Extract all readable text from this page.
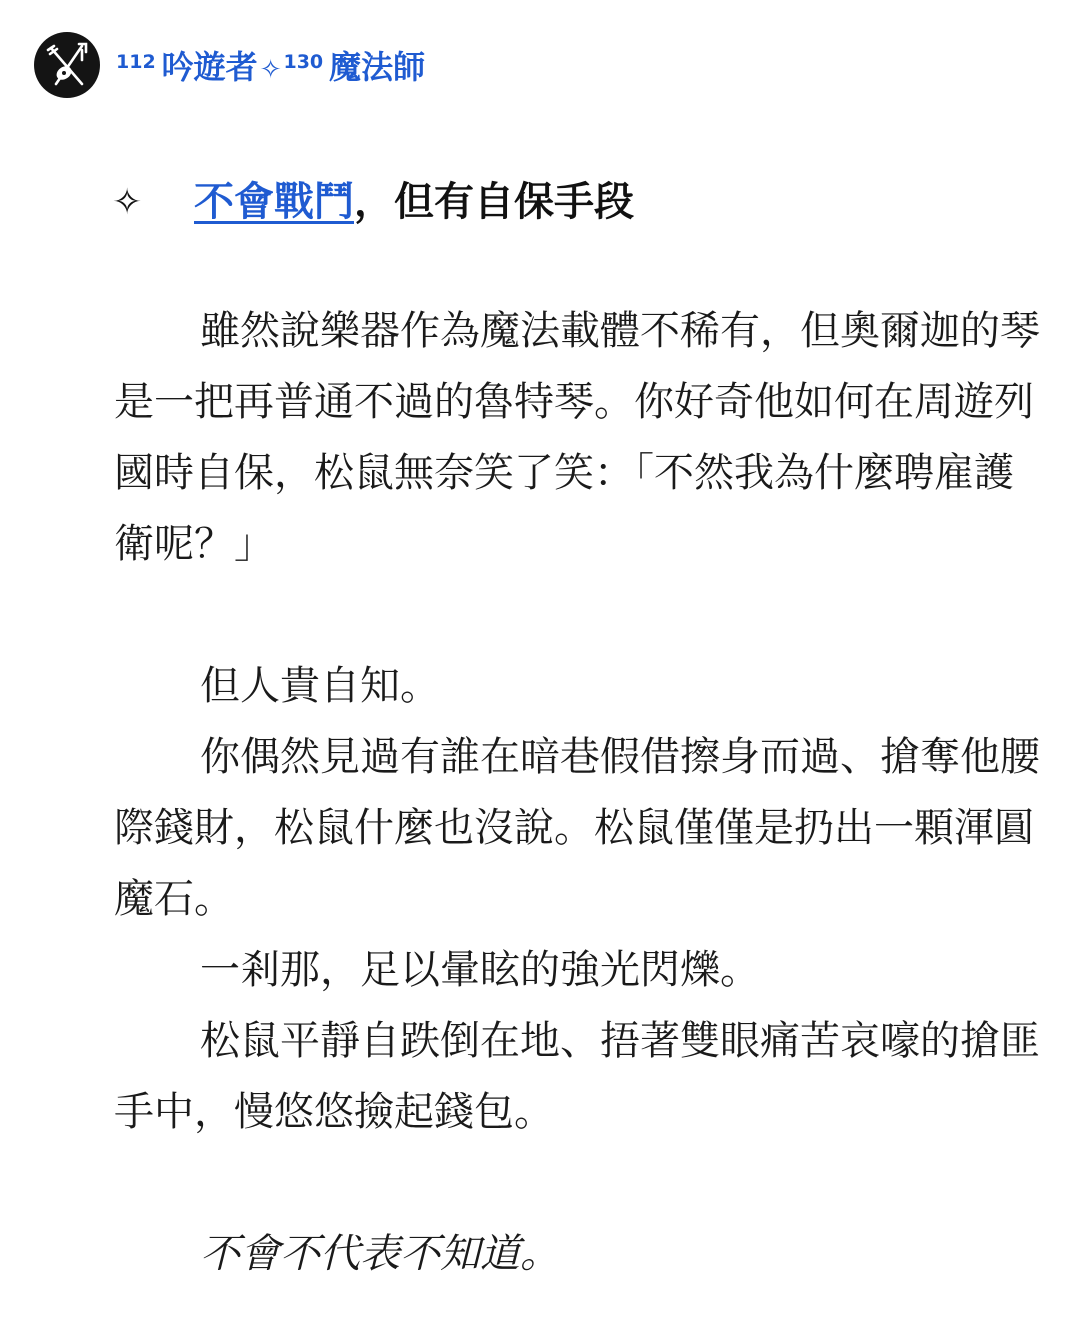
112 吟遊者 ✧ 130 魔法師
✧	不會戰鬥 ，但有自保手段

雖然說樂器作為魔法載體不稀有，但奧爾迦的琴是一把再普通不過的魯特琴。你好奇他如何在周遊列國時自保，松鼠無奈笑了笑：「不然我為什麼聘雇護衛呢？」

但人貴自知。

你偶然見過有誰在暗巷假借擦身而過、搶奪他腰際錢財，松鼠什麼也沒說。松鼠僅僅是扔出一顆渾圓魔石。

一剎那，足以暈眩的強光閃爍。

松鼠平靜自跌倒在地、捂著雙眼痛苦哀嚎的搶匪手中，慢悠悠撿起錢包。

不會不代表不知道。
